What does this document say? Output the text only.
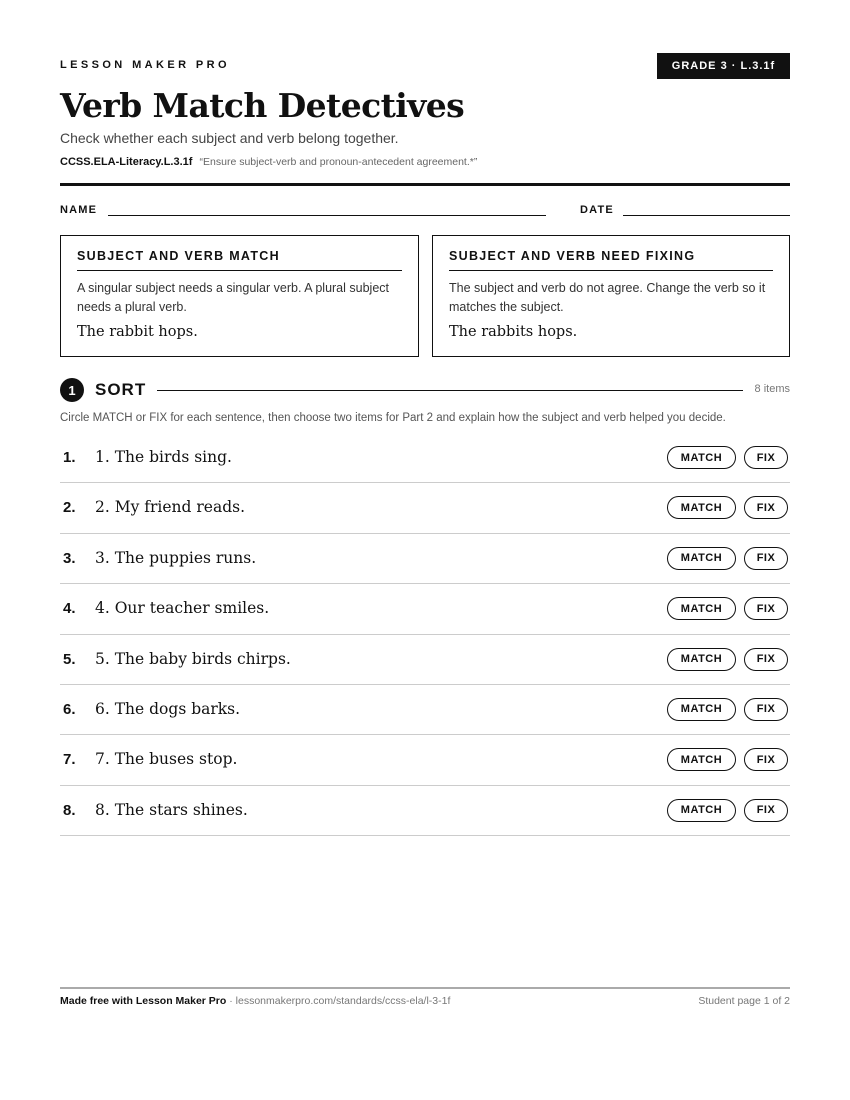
LESSON MAKER PRO	GRADE 3 · L.3.1f
Verb Match Detectives
Check whether each subject and verb belong together.
CCSS.ELA-Literacy.L.3.1f “Ensure subject-verb and pronoun-antecedent agreement.*”
NAME	DATE
SUBJECT AND VERB MATCH
A singular subject needs a singular verb. A plural subject needs a plural verb.
The rabbit hops.
SUBJECT AND VERB NEED FIXING
The subject and verb do not agree. Change the verb so it matches the subject.
The rabbits hops.
1	SORT	8 items
Circle MATCH or FIX for each sentence, then choose two items for Part 2 and explain how the subject and verb helped you decide.
1. 1. The birds sing.	MATCH	FIX
2. 2. My friend reads.	MATCH	FIX
3. 3. The puppies runs.	MATCH	FIX
4. 4. Our teacher smiles.	MATCH	FIX
5. 5. The baby birds chirps.	MATCH	FIX
6. 6. The dogs barks.	MATCH	FIX
7. 7. The buses stop.	MATCH	FIX
8. 8. The stars shines.	MATCH	FIX
Made free with Lesson Maker Pro · lessonmakerpro.com/standards/ccss-ela/l-3-1f	Student page 1 of 2
